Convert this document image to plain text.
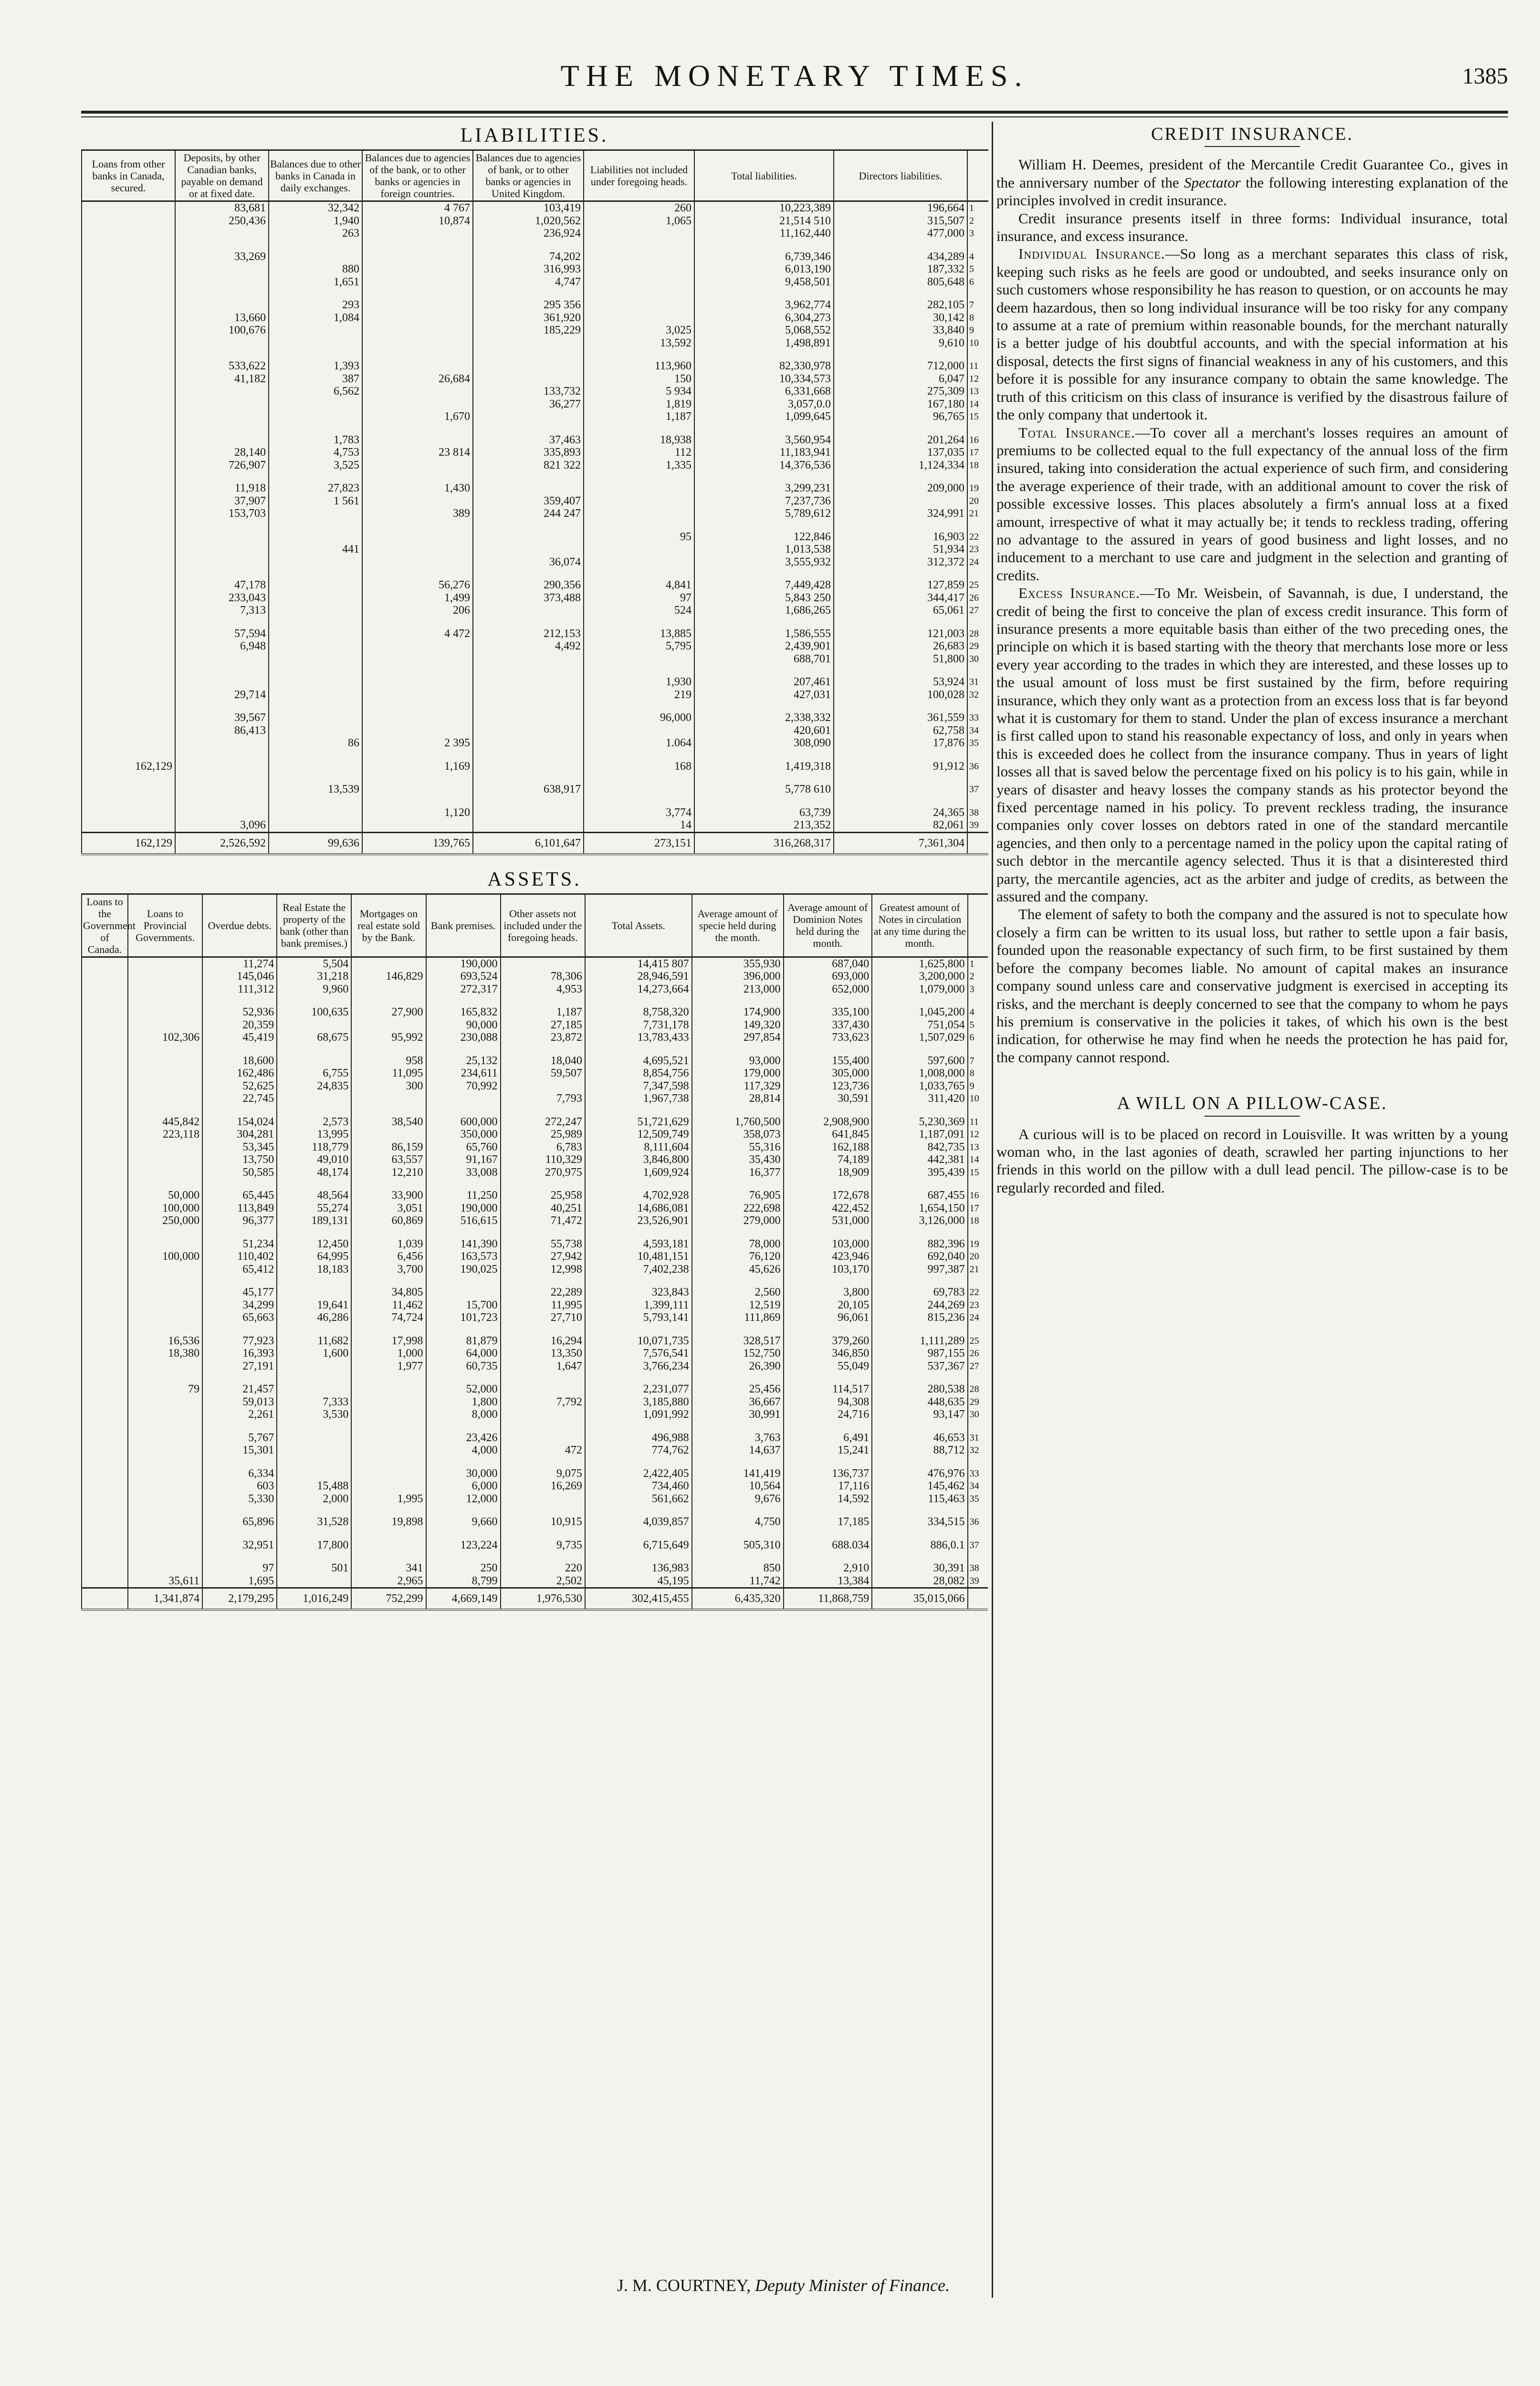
THE MONETARY TIMES.	1385
LIABILITIES.
Loans from other banks in Canada, secured.	Deposits, by other Canadian banks, payable on demand or at fixed date.	Balances due to other banks in Canada in daily exchanges.	Balances due to agencies of the bank, or to other banks or agencies in foreign countries.	Balances due to agencies of bank, or to other banks or agencies in United Kingdom.	Liabilities not included under foregoing heads.	Total liabilities.	Directors liabilities.	
	83,681	32,342	4 767	103,419	260	10,223,389	196,664	1
	250,436	1,940	10,874	1,020,562	1,065	21,514 510	315,507	2
		263		236,924		11,162,440	477,000	3

	33,269			74,202		6,739,346	434,289	4
		880		316,993		6,013,190	187,332	5
		1,651		4,747		9,458,501	805,648	6

		293		295 356		3,962,774	282,105	7
	13,660	1,084		361,920		6,304,273	30,142	8
	100,676			185,229	3,025	5,068,552	33,840	9
					13,592	1,498,891	9,610	10

	533,622	1,393			113,960	82,330,978	712,000	11
	41,182	387	26,684		150	10,334,573	6,047	12
		6,562		133,732	5 934	6,331,668	275,309	13
				36,277	1,819	3,057,0.0	167,180	14
			1,670		1,187	1,099,645	96,765	15

		1,783		37,463	18,938	3,560,954	201,264	16
	28,140	4,753	23 814	335,893	112	11,183,941	137,035	17
	726,907	3,525		821 322	1,335	14,376,536	1,124,334	18

	11,918	27,823	1,430			3,299,231	209,000	19
	37,907	1 561		359,407		7,237,736		20
	153,703		389	244 247		5,789,612	324,991	21

					95	122,846	16,903	22
		441				1,013,538	51,934	23
				36,074		3,555,932	312,372	24

	47,178		56,276	290,356	4,841	7,449,428	127,859	25
	233,043		1,499	373,488	97	5,843 250	344,417	26
	7,313		206		524	1,686,265	65,061	27

	57,594		4 472	212,153	13,885	1,586,555	121,003	28
	6,948			4,492	5,795	2,439,901	26,683	29
						688,701	51,800	30

					1,930	207,461	53,924	31
	29,714				219	427,031	100,028	32

	39,567				96,000	2,338,332	361,559	33
	86,413					420,601	62,758	34
		86	2 395		1.064	308,090	17,876	35

162,129			1,169		168	1,419,318	91,912	36

		13,539		638,917		5,778 610		37

			1,120		3,774	63,739	24,365	38
	3,096				14	213,352	82,061	39
162,129	2,526,592	99,636	139,765	6,101,647	273,151	316,268,317	7,361,304	
ASSETS.
Loans to the Government of Canada.	Loans to Provincial Governments.	Overdue debts.	Real Estate the property of the bank (other than bank premises.)	Mortgages on real estate sold by the Bank.	Bank premises.	Other assets not included under the foregoing heads.	Total Assets.	Average amount of specie held during the month.	Average amount of Dominion Notes held during the month.	Greatest amount of Notes in circulation at any time during the month.	
		11,274	5,504		190,000		14,415 807	355,930	687,040	1,625,800	1
		145,046	31,218	146,829	693,524	78,306	28,946,591	396,000	693,000	3,200,000	2
		111,312	9,960		272,317	4,953	14,273,664	213,000	652,000	1,079,000	3

		52,936	100,635	27,900	165,832	1,187	8,758,320	174,900	335,100	1,045,200	4
		20,359			90,000	27,185	7,731,178	149,320	337,430	751,054	5
	102,306	45,419	68,675	95,992	230,088	23,872	13,783,433	297,854	733,623	1,507,029	6

		18,600		958	25,132	18,040	4,695,521	93,000	155,400	597,600	7
		162,486	6,755	11,095	234,611	59,507	8,854,756	179,000	305,000	1,008,000	8
		52,625	24,835	300	70,992		7,347,598	117,329	123,736	1,033,765	9
		22,745				7,793	1,967,738	28,814	30,591	311,420	10

	445,842	154,024	2,573	38,540	600,000	272,247	51,721,629	1,760,500	2,908,900	5,230,369	11
	223,118	304,281	13,995		350,000	25,989	12,509,749	358,073	641,845	1,187,091	12
		53,345	118,779	86,159	65,760	6,783	8,111,604	55,316	162,188	842,735	13
		13,750	49,010	63,557	91,167	110,329	3,846,800	35,430	74,189	442,381	14
		50,585	48,174	12,210	33,008	270,975	1,609,924	16,377	18,909	395,439	15

	50,000	65,445	48,564	33,900	11,250	25,958	4,702,928	76,905	172,678	687,455	16
	100,000	113,849	55,274	3,051	190,000	40,251	14,686,081	222,698	422,452	1,654,150	17
	250,000	96,377	189,131	60,869	516,615	71,472	23,526,901	279,000	531,000	3,126,000	18

		51,234	12,450	1,039	141,390	55,738	4,593,181	78,000	103,000	882,396	19
	100,000	110,402	64,995	6,456	163,573	27,942	10,481,151	76,120	423,946	692,040	20
		65,412	18,183	3,700	190,025	12,998	7,402,238	45,626	103,170	997,387	21

		45,177		34,805		22,289	323,843	2,560	3,800	69,783	22
		34,299	19,641	11,462	15,700	11,995	1,399,111	12,519	20,105	244,269	23
		65,663	46,286	74,724	101,723	27,710	5,793,141	111,869	96,061	815,236	24

	16,536	77,923	11,682	17,998	81,879	16,294	10,071,735	328,517	379,260	1,111,289	25
	18,380	16,393	1,600	1,000	64,000	13,350	7,576,541	152,750	346,850	987,155	26
		27,191		1,977	60,735	1,647	3,766,234	26,390	55,049	537,367	27

	79	21,457			52,000		2,231,077	25,456	114,517	280,538	28
		59,013	7,333		1,800	7,792	3,185,880	36,667	94,308	448,635	29
		2,261	3,530		8,000		1,091,992	30,991	24,716	93,147	30

		5,767			23,426		496,988	3,763	6,491	46,653	31
		15,301			4,000	472	774,762	14,637	15,241	88,712	32

		6,334			30,000	9,075	2,422,405	141,419	136,737	476,976	33
		603	15,488		6,000	16,269	734,460	10,564	17,116	145,462	34
		5,330	2,000	1,995	12,000		561,662	9,676	14,592	115,463	35

		65,896	31,528	19,898	9,660	10,915	4,039,857	4,750	17,185	334,515	36

		32,951	17,800		123,224	9,735	6,715,649	505,310	688.034	886,0.1	37

		97	501	341	250	220	136,983	850	2,910	30,391	38
	35,611	1,695		2,965	8,799	2,502	45,195	11,742	13,384	28,082	39
	1,341,874	2,179,295	1,016,249	752,299	4,669,149	1,976,530	302,415,455	6,435,320	11,868,759	35,015,066	
J. M. COURTNEY, Deputy Minister of Finance.
CREDIT INSURANCE.

William H. Deemes, president of the Mercantile Credit Guarantee Co., gives in the anniversary number of the Spectator the following interesting explanation of the principles involved in credit insurance.

Credit insurance presents itself in three forms: Individual insurance, total insurance, and excess insurance.

Individual Insurance.—So long as a merchant separates this class of risk, keeping such risks as he feels are good or undoubted, and seeks insurance only on such customers whose responsibility he has reason to question, or on accounts he may deem hazardous, then so long individual insurance will be too risky for any company to assume at a rate of premium within reasonable bounds, for the merchant naturally is a better judge of his doubtful accounts, and with the special information at his disposal, detects the first signs of financial weakness in any of his customers, and this before it is possible for any insurance company to obtain the same knowledge. The truth of this criticism on this class of insurance is verified by the disastrous failure of the only company that undertook it.

Total Insurance.—To cover all a merchant's losses requires an amount of premiums to be collected equal to the full expectancy of the annual loss of the firm insured, taking into consideration the actual experience of such firm, and considering the average experience of their trade, with an additional amount to cover the risk of possible excessive losses. This places absolutely a firm's annual loss at a fixed amount, irrespective of what it may actually be; it tends to reckless trading, offering no advantage to the assured in years of good business and light losses, and no inducement to a merchant to use care and judgment in the selection and granting of credits.

Excess Insurance.—To Mr. Weisbein, of Savannah, is due, I understand, the credit of being the first to conceive the plan of excess credit insurance. This form of insurance presents a more equitable basis than either of the two preceding ones, the principle on which it is based starting with the theory that merchants lose more or less every year according to the trades in which they are interested, and these losses up to the usual amount of loss must be first sustained by the firm, before requiring insurance, which they only want as a protection from an excess loss that is far beyond what it is customary for them to stand. Under the plan of excess insurance a merchant is first called upon to stand his reasonable expectancy of loss, and only in years when this is exceeded does he collect from the insurance company. Thus in years of light losses all that is saved below the percentage fixed on his policy is to his gain, while in years of disaster and heavy losses the company stands as his protector beyond the fixed percentage named in his policy. To prevent reckless trading, the insurance companies only cover losses on debtors rated in one of the standard mercantile agencies, and then only to a percentage named in the policy upon the capital rating of such debtor in the mercantile agency selected. Thus it is that a disinterested third party, the mercantile agencies, act as the arbiter and judge of credits, as between the assured and the company.

The element of safety to both the company and the assured is not to speculate how closely a firm can be written to its usual loss, but rather to settle upon a fair basis, founded upon the reasonable expectancy of such firm, to be first sustained by them before the company becomes liable. No amount of capital makes an insurance company sound unless care and conservative judgment is exercised in accepting its risks, and the merchant is deeply concerned to see that the company to whom he pays his premium is conservative in the policies it takes, of which his own is the best indication, for otherwise he may find when he needs the protection he has paid for, the company cannot respond.

A WILL ON A PILLOW-CASE.

A curious will is to be placed on record in Louisville. It was written by a young woman who, in the last agonies of death, scrawled her parting injunctions to her friends in this world on the pillow with a dull lead pencil. The pillow-case is to be regularly recorded and filed.
